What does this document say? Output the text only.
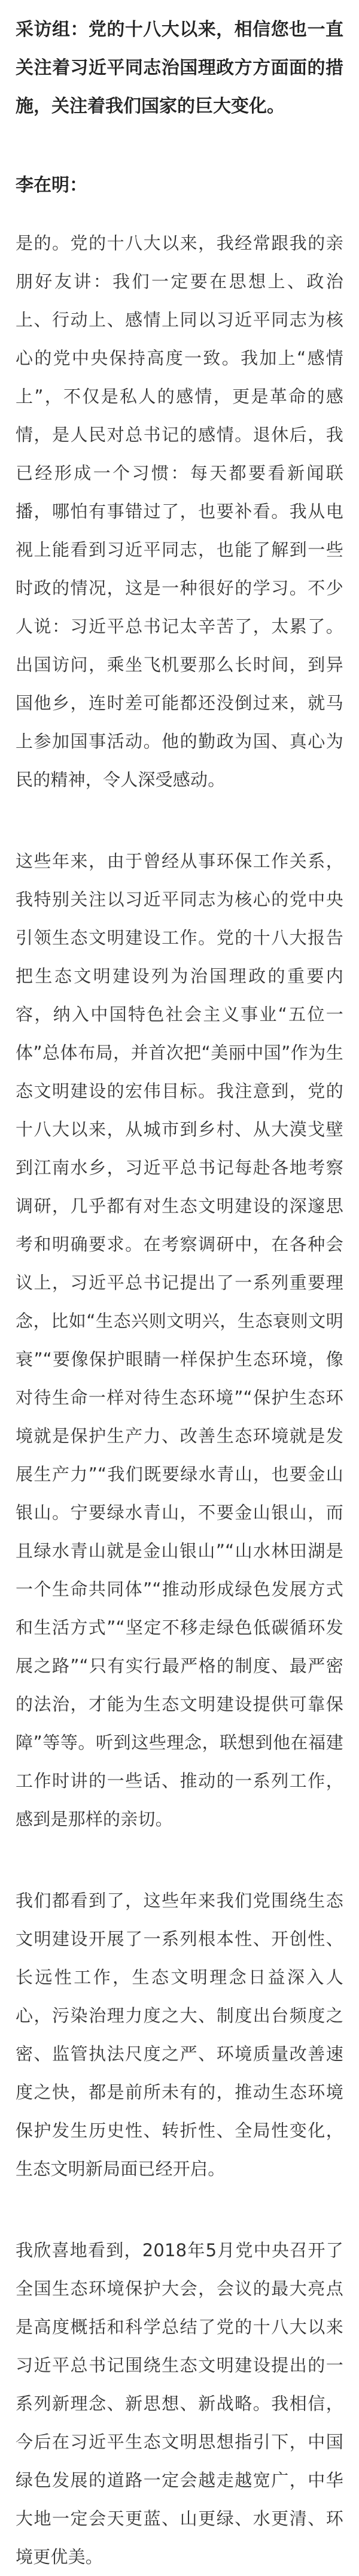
采访组：党的十八大以来，相信您也一直关注着习近平同志治国理政方方面面的措施，关注着我们国家的巨大变化。

李在明：

是的。党的十八大以来，我经常跟我的亲朋好友讲：我们一定要在思想上、政治上、行动上、感情上同以习近平同志为核心的党中央保持高度一致。我加上“感情上”，不仅是私人的感情，更是革命的感情，是人民对总书记的感情。退休后，我已经形成一个习惯：每天都要看新闻联播，哪怕有事错过了，也要补看。我从电视上能看到习近平同志，也能了解到一些时政的情况，这是一种很好的学习。不少人说：习近平总书记太辛苦了，太累了。出国访问，乘坐飞机要那么长时间，到异国他乡，连时差可能都还没倒过来，就马上参加国事活动。他的勤政为国、真心为民的精神，令人深受感动。

这些年来，由于曾经从事环保工作关系，我特别关注以习近平同志为核心的党中央引领生态文明建设工作。党的十八大报告把生态文明建设列为治国理政的重要内容，纳入中国特色社会主义事业“五位一体”总体布局，并首次把“美丽中国”作为生态文明建设的宏伟目标。我注意到，党的十八大以来，从城市到乡村、从大漠戈壁到江南水乡，习近平总书记每赴各地考察调研，几乎都有对生态文明建设的深邃思考和明确要求。在考察调研中，在各种会议上，习近平总书记提出了一系列重要理念，比如“生态兴则文明兴，生态衰则文明衰”“要像保护眼睛一样保护生态环境，像对待生命一样对待生态环境”“保护生态环境就是保护生产力、改善生态环境就是发展生产力”“我们既要绿水青山，也要金山银山。宁要绿水青山，不要金山银山，而且绿水青山就是金山银山”“山水林田湖是一个生命共同体”“推动形成绿色发展方式和生活方式”“坚定不移走绿色低碳循环发展之路”“只有实行最严格的制度、最严密的法治，才能为生态文明建设提供可靠保障”等等。听到这些理念，联想到他在福建工作时讲的一些话、推动的一系列工作，感到是那样的亲切。

我们都看到了，这些年来我们党围绕生态文明建设开展了一系列根本性、开创性、长远性工作，生态文明理念日益深入人心，污染治理力度之大、制度出台频度之密、监管执法尺度之严、环境质量改善速度之快，都是前所未有的，推动生态环境保护发生历史性、转折性、全局性变化，生态文明新局面已经开启。

我欣喜地看到，2018年5月党中央召开了全国生态环境保护大会，会议的最大亮点是高度概括和科学总结了党的十八大以来习近平总书记围绕生态文明建设提出的一系列新理念、新思想、新战略。我相信，今后在习近平生态文明思想指引下，中国绿色发展的道路一定会越走越宽广，中华大地一定会天更蓝、山更绿、水更清、环境更优美。
